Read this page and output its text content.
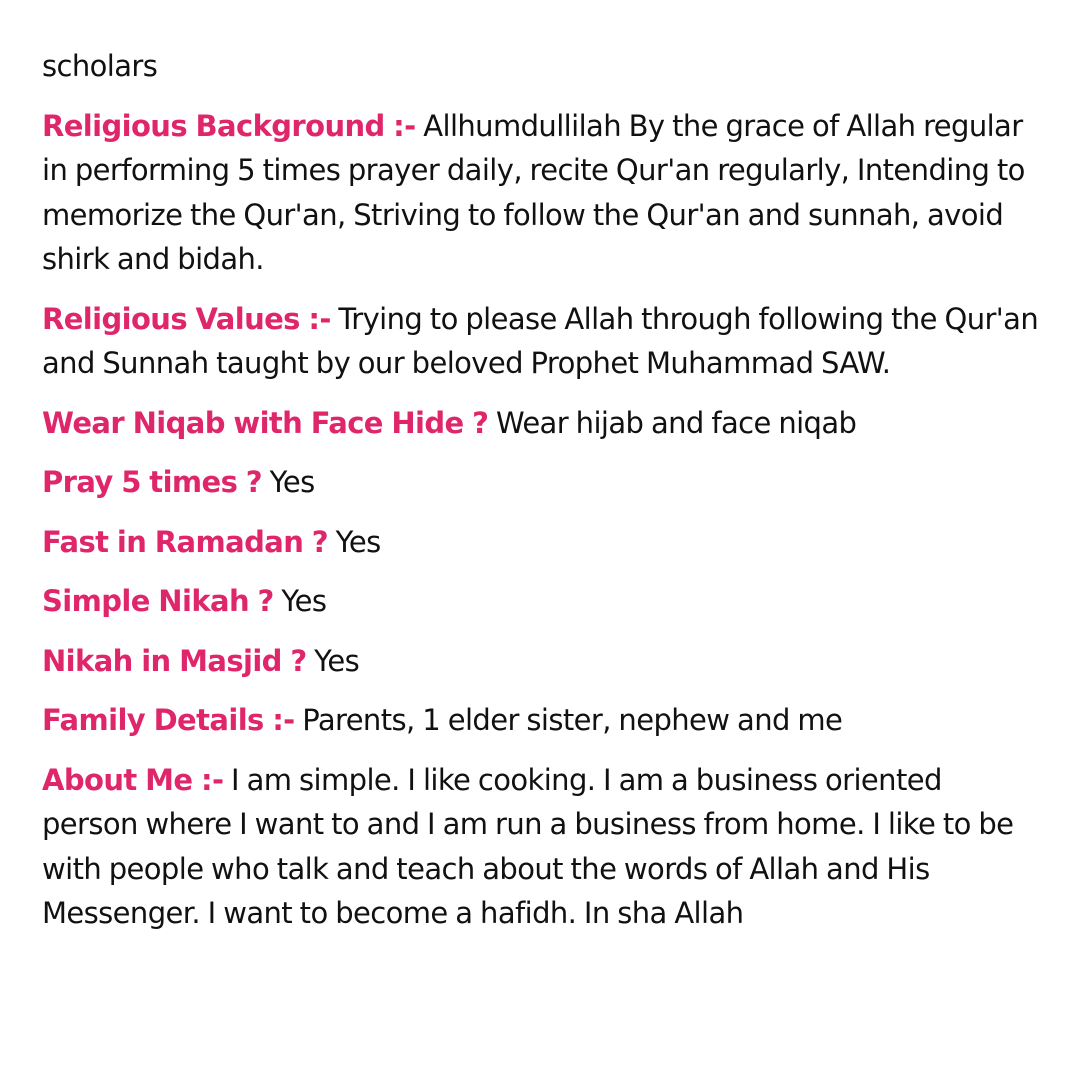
scholars

Religious Background :- Allhumdullilah By the grace of Allah regular in performing 5 times prayer daily, recite Qur'an regularly, Intending to memorize the Qur'an, Striving to follow the Qur'an and sunnah, avoid shirk and bidah.

Religious Values :- Trying to please Allah through following the Qur'an and Sunnah taught by our beloved Prophet Muhammad SAW.

Wear Niqab with Face Hide ? Wear hijab and face niqab

Pray 5 times ? Yes

Fast in Ramadan ? Yes

Simple Nikah ? Yes

Nikah in Masjid ? Yes

Family Details :- Parents, 1 elder sister, nephew and me

About Me :- I am simple. I like cooking. I am a business oriented person where I want to and I am run a business from home. I like to be with people who talk and teach about the words of Allah and His Messenger. I want to become a hafidh. In sha Allah
